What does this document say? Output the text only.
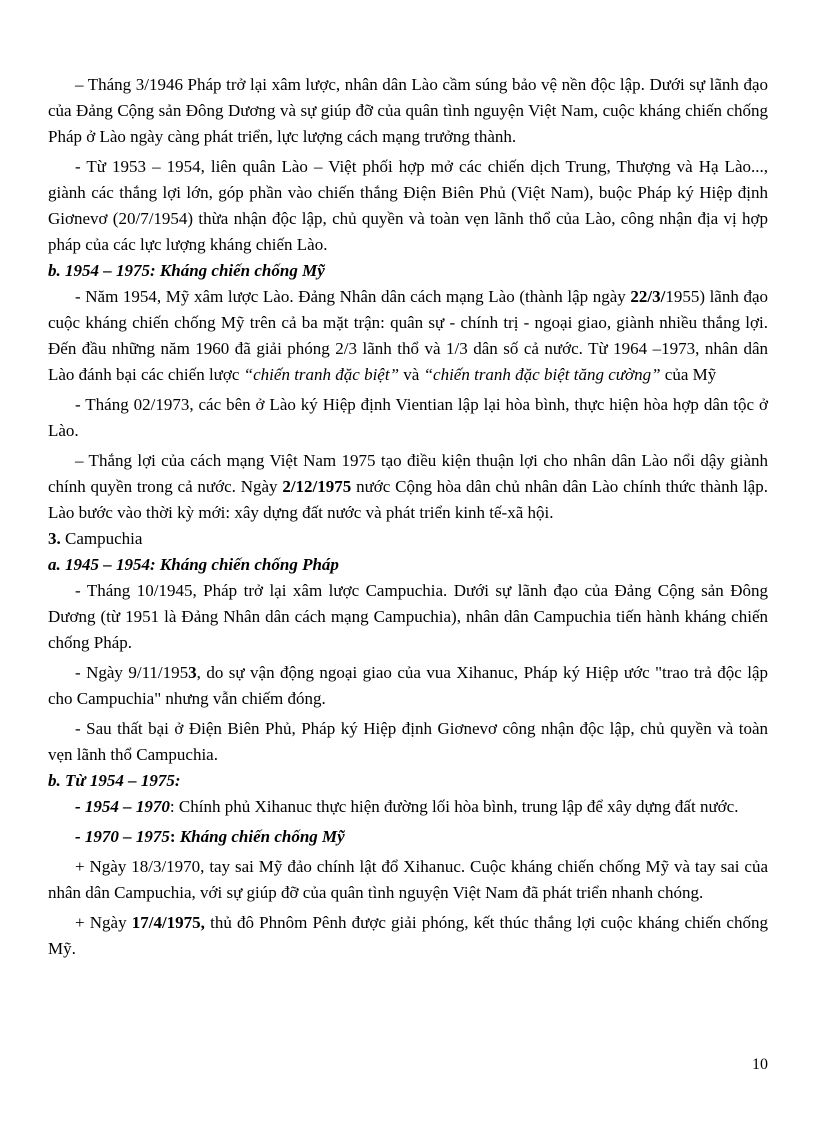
– Tháng 3/1946 Pháp trở lại xâm lược, nhân dân Lào cầm súng bảo vệ nền độc lập. Dưới sự lãnh đạo của Đảng Cộng sản Đông Dương và sự giúp đỡ của quân tình nguyện Việt Nam, cuộc kháng chiến chống Pháp ở Lào ngày càng phát triển, lực lượng cách mạng trưởng thành.

- Từ 1953 – 1954, liên quân Lào – Việt phối hợp mở các chiến dịch Trung, Thượng và Hạ Lào..., giành các thắng lợi lớn, góp phần vào chiến thắng Điện Biên Phủ (Việt Nam), buộc Pháp ký Hiệp định Giơnevơ (20/7/1954) thừa nhận độc lập, chủ quyền và toàn vẹn lãnh thổ của Lào, công nhận địa vị hợp pháp của các lực lượng kháng chiến Lào.

b. 1954 – 1975: Kháng chiến chống Mỹ

- Năm 1954, Mỹ xâm lược Lào. Đảng Nhân dân cách mạng Lào (thành lập ngày 22/3/1955) lãnh đạo cuộc kháng chiến chống Mỹ trên cả ba mặt trận: quân sự - chính trị - ngoại giao, giành nhiều thắng lợi. Đến đầu những năm 1960 đã giải phóng 2/3 lãnh thổ và 1/3 dân số cả nước. Từ 1964 –1973, nhân dân Lào đánh bại các chiến lược “chiến tranh đặc biệt” và “chiến tranh đặc biệt tăng cường” của Mỹ

- Tháng 02/1973, các bên ở Lào ký Hiệp định Vientian lập lại hòa bình, thực hiện hòa hợp dân tộc ở Lào.

– Thắng lợi của cách mạng Việt Nam 1975 tạo điều kiện thuận lợi cho nhân dân Lào nổi dậy giành chính quyền trong cả nước. Ngày 2/12/1975 nước Cộng hòa dân chủ nhân dân Lào chính thức thành lập. Lào bước vào thời kỳ mới: xây dựng đất nước và phát triển kinh tế-xã hội.

3. Campuchia

a. 1945 – 1954: Kháng chiến chống Pháp

- Tháng 10/1945, Pháp trở lại xâm lược Campuchia. Dưới sự lãnh đạo của Đảng Cộng sản Đông Dương (từ 1951 là Đảng Nhân dân cách mạng Campuchia), nhân dân Campuchia tiến hành kháng chiến chống Pháp.

- Ngày 9/11/1953, do sự vận động ngoại giao của vua Xihanuc, Pháp ký Hiệp ước "trao trả độc lập cho Campuchia" nhưng vẫn chiếm đóng.

- Sau thất bại ở Điện Biên Phủ, Pháp ký Hiệp định Giơnevơ công nhận độc lập, chủ quyền và toàn vẹn lãnh thổ Campuchia.

b. Từ 1954 – 1975:

- 1954 – 1970: Chính phủ Xihanuc thực hiện đường lối hòa bình, trung lập để xây dựng đất nước.

- 1970 – 1975: Kháng chiến chống Mỹ

+ Ngày 18/3/1970, tay sai Mỹ đảo chính lật đổ Xihanuc. Cuộc kháng chiến chống Mỹ và tay sai của nhân dân Campuchia, với sự giúp đỡ của quân tình nguyện Việt Nam đã phát triển nhanh chóng.

+ Ngày 17/4/1975, thủ đô Phnôm Pênh được giải phóng, kết thúc thắng lợi cuộc kháng chiến chống Mỹ.

10
